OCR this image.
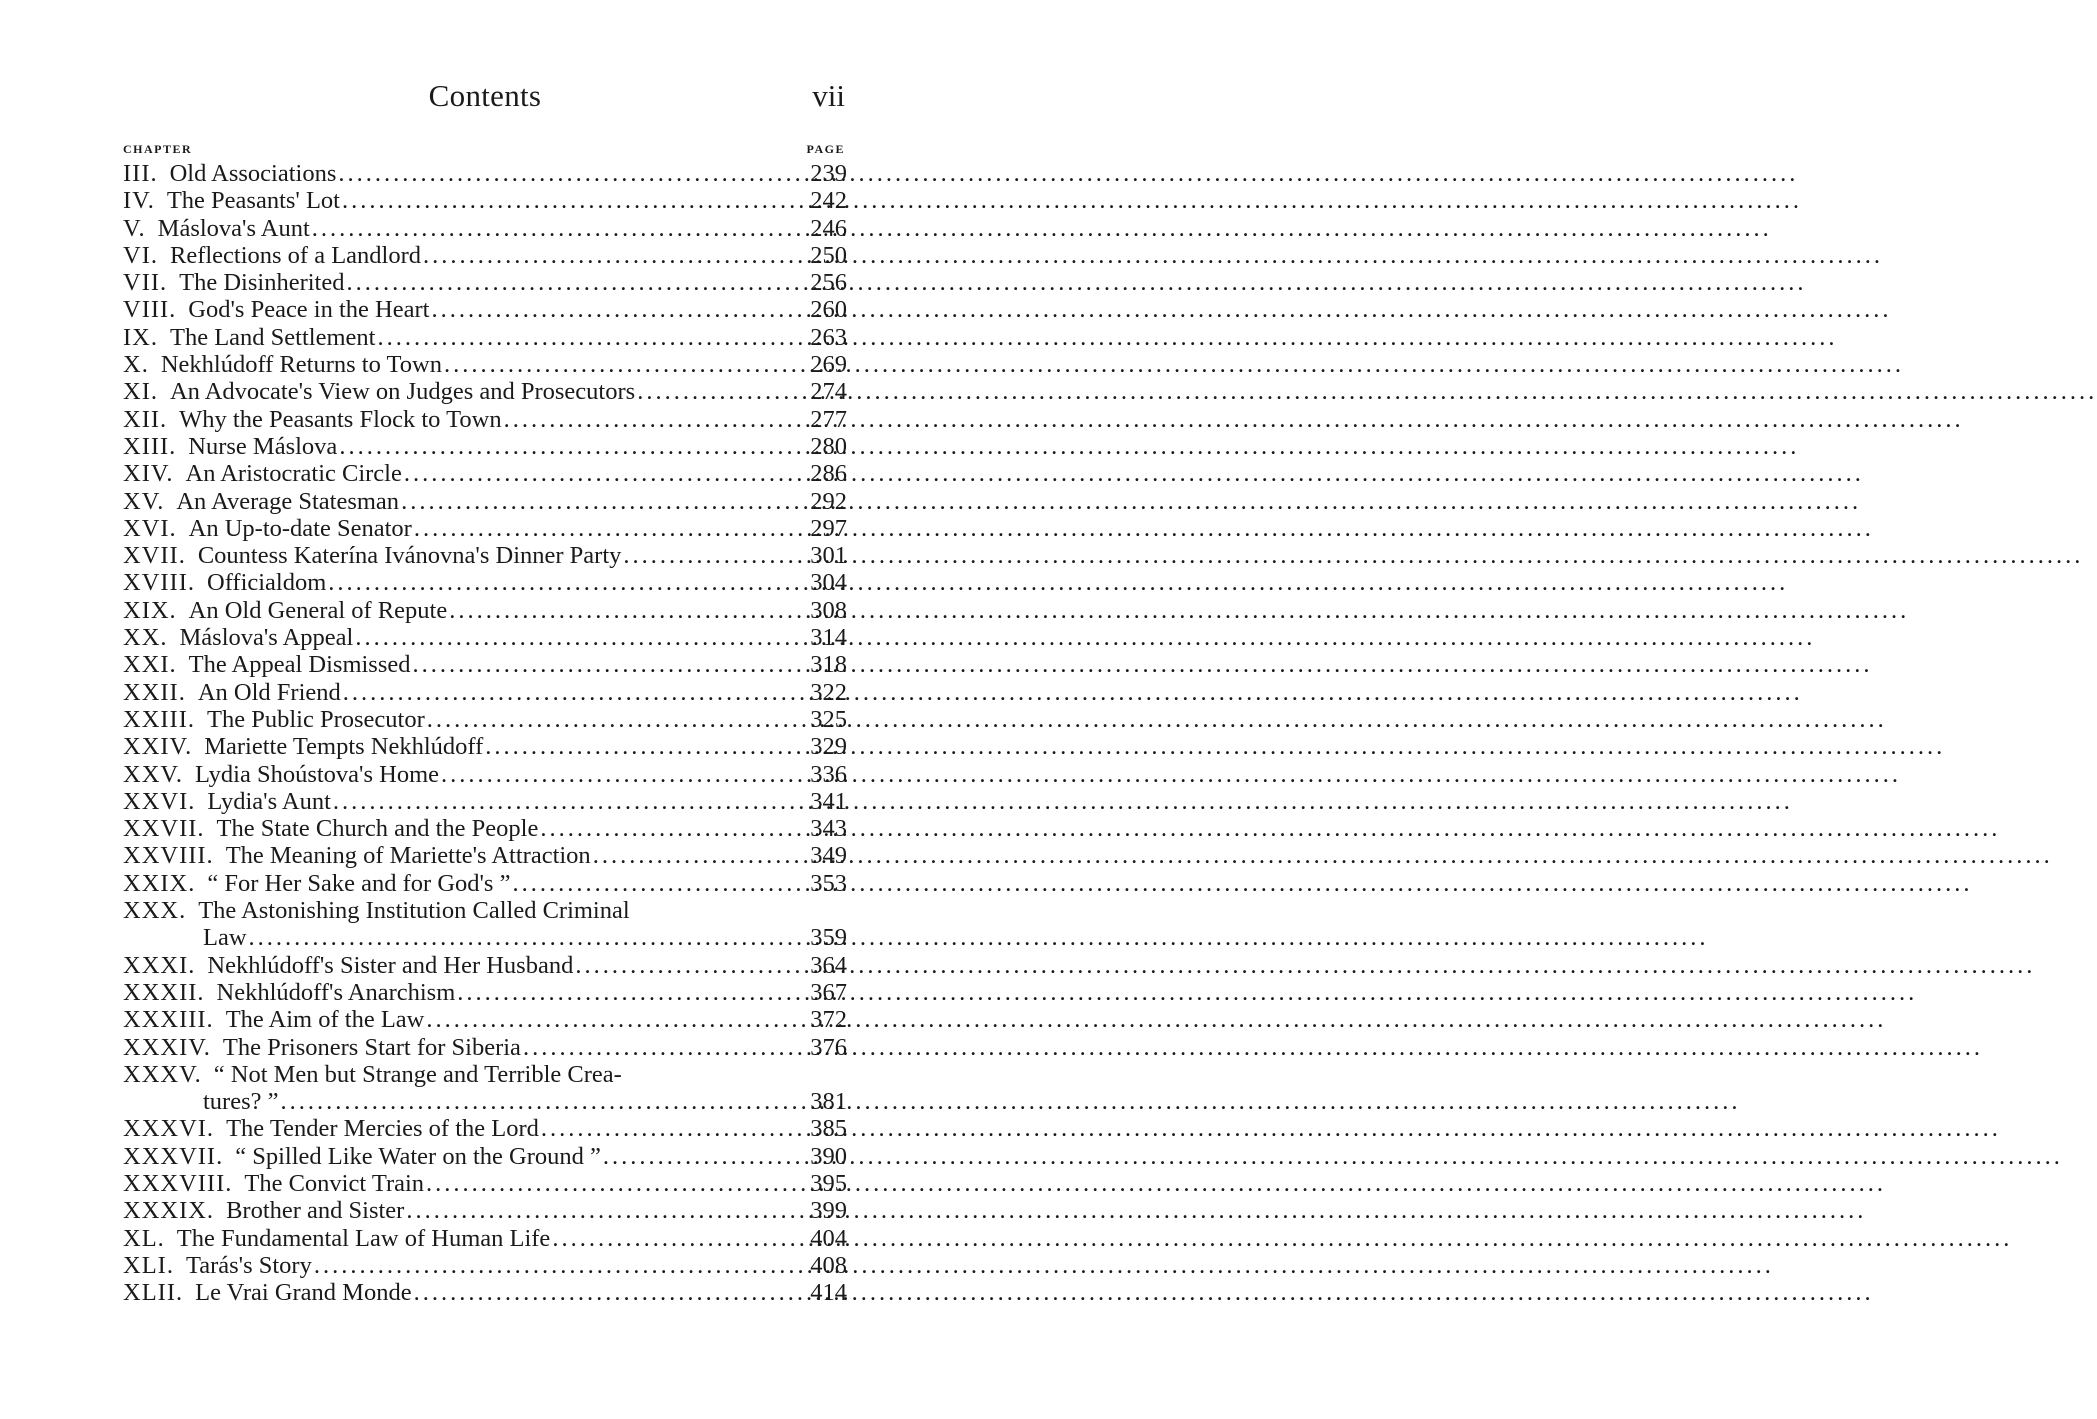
Contents	vii
CHAPTER	PAGE
III. Old Associations .....	239
IV. The Peasants' Lot .....	242
V. Máslova's Aunt .....	246
VI. Reflections of a Landlord .....	250
VII. The Disinherited .....	256
VIII. God's Peace in the Heart .....	260
IX. The Land Settlement .....	263
X. Nekhlúdoff Returns to Town .....	269
XI. An Advocate's View on Judges and Prosecutors .....	274
XII. Why the Peasants Flock to Town .....	277
XIII. Nurse Máslova .....	280
XIV. An Aristocratic Circle .....	286
XV. An Average Statesman .....	292
XVI. An Up-to-date Senator .....	297
XVII. Countess Katerína Ivánovna's Dinner Party .....	301
XVIII. Officialdom .....	304
XIX. An Old General of Repute .....	308
XX. Máslova's Appeal .....	314
XXI. The Appeal Dismissed .....	318
XXII. An Old Friend .....	322
XXIII. The Public Prosecutor .....	325
XXIV. Mariette Tempts Nekhlúdoff .....	329
XXV. Lydia Shoústova's Home .....	336
XXVI. Lydia's Aunt .....	341
XXVII. The State Church and the People .....	343
XXVIII. The Meaning of Mariette's Attraction .....	349
XXIX. “ For Her Sake and for God's ” .....	353
XXX. The Astonishing Institution Called Criminal
Law .....	359
XXXI. Nekhlúdoff's Sister and Her Husband .....	364
XXXII. Nekhlúdoff's Anarchism .....	367
XXXIII. The Aim of the Law .....	372
XXXIV. The Prisoners Start for Siberia .....	376
XXXV. “ Not Men but Strange and Terrible Crea-
tures? ” .....	381
XXXVI. The Tender Mercies of the Lord .....	385
XXXVII. “ Spilled Like Water on the Ground ” .....	390
XXXVIII. The Convict Train .....	395
XXXIX. Brother and Sister .....	399
XL. The Fundamental Law of Human Life .....	404
XLI. Tarás's Story .....	408
XLII. Le Vrai Grand Monde .....	414
